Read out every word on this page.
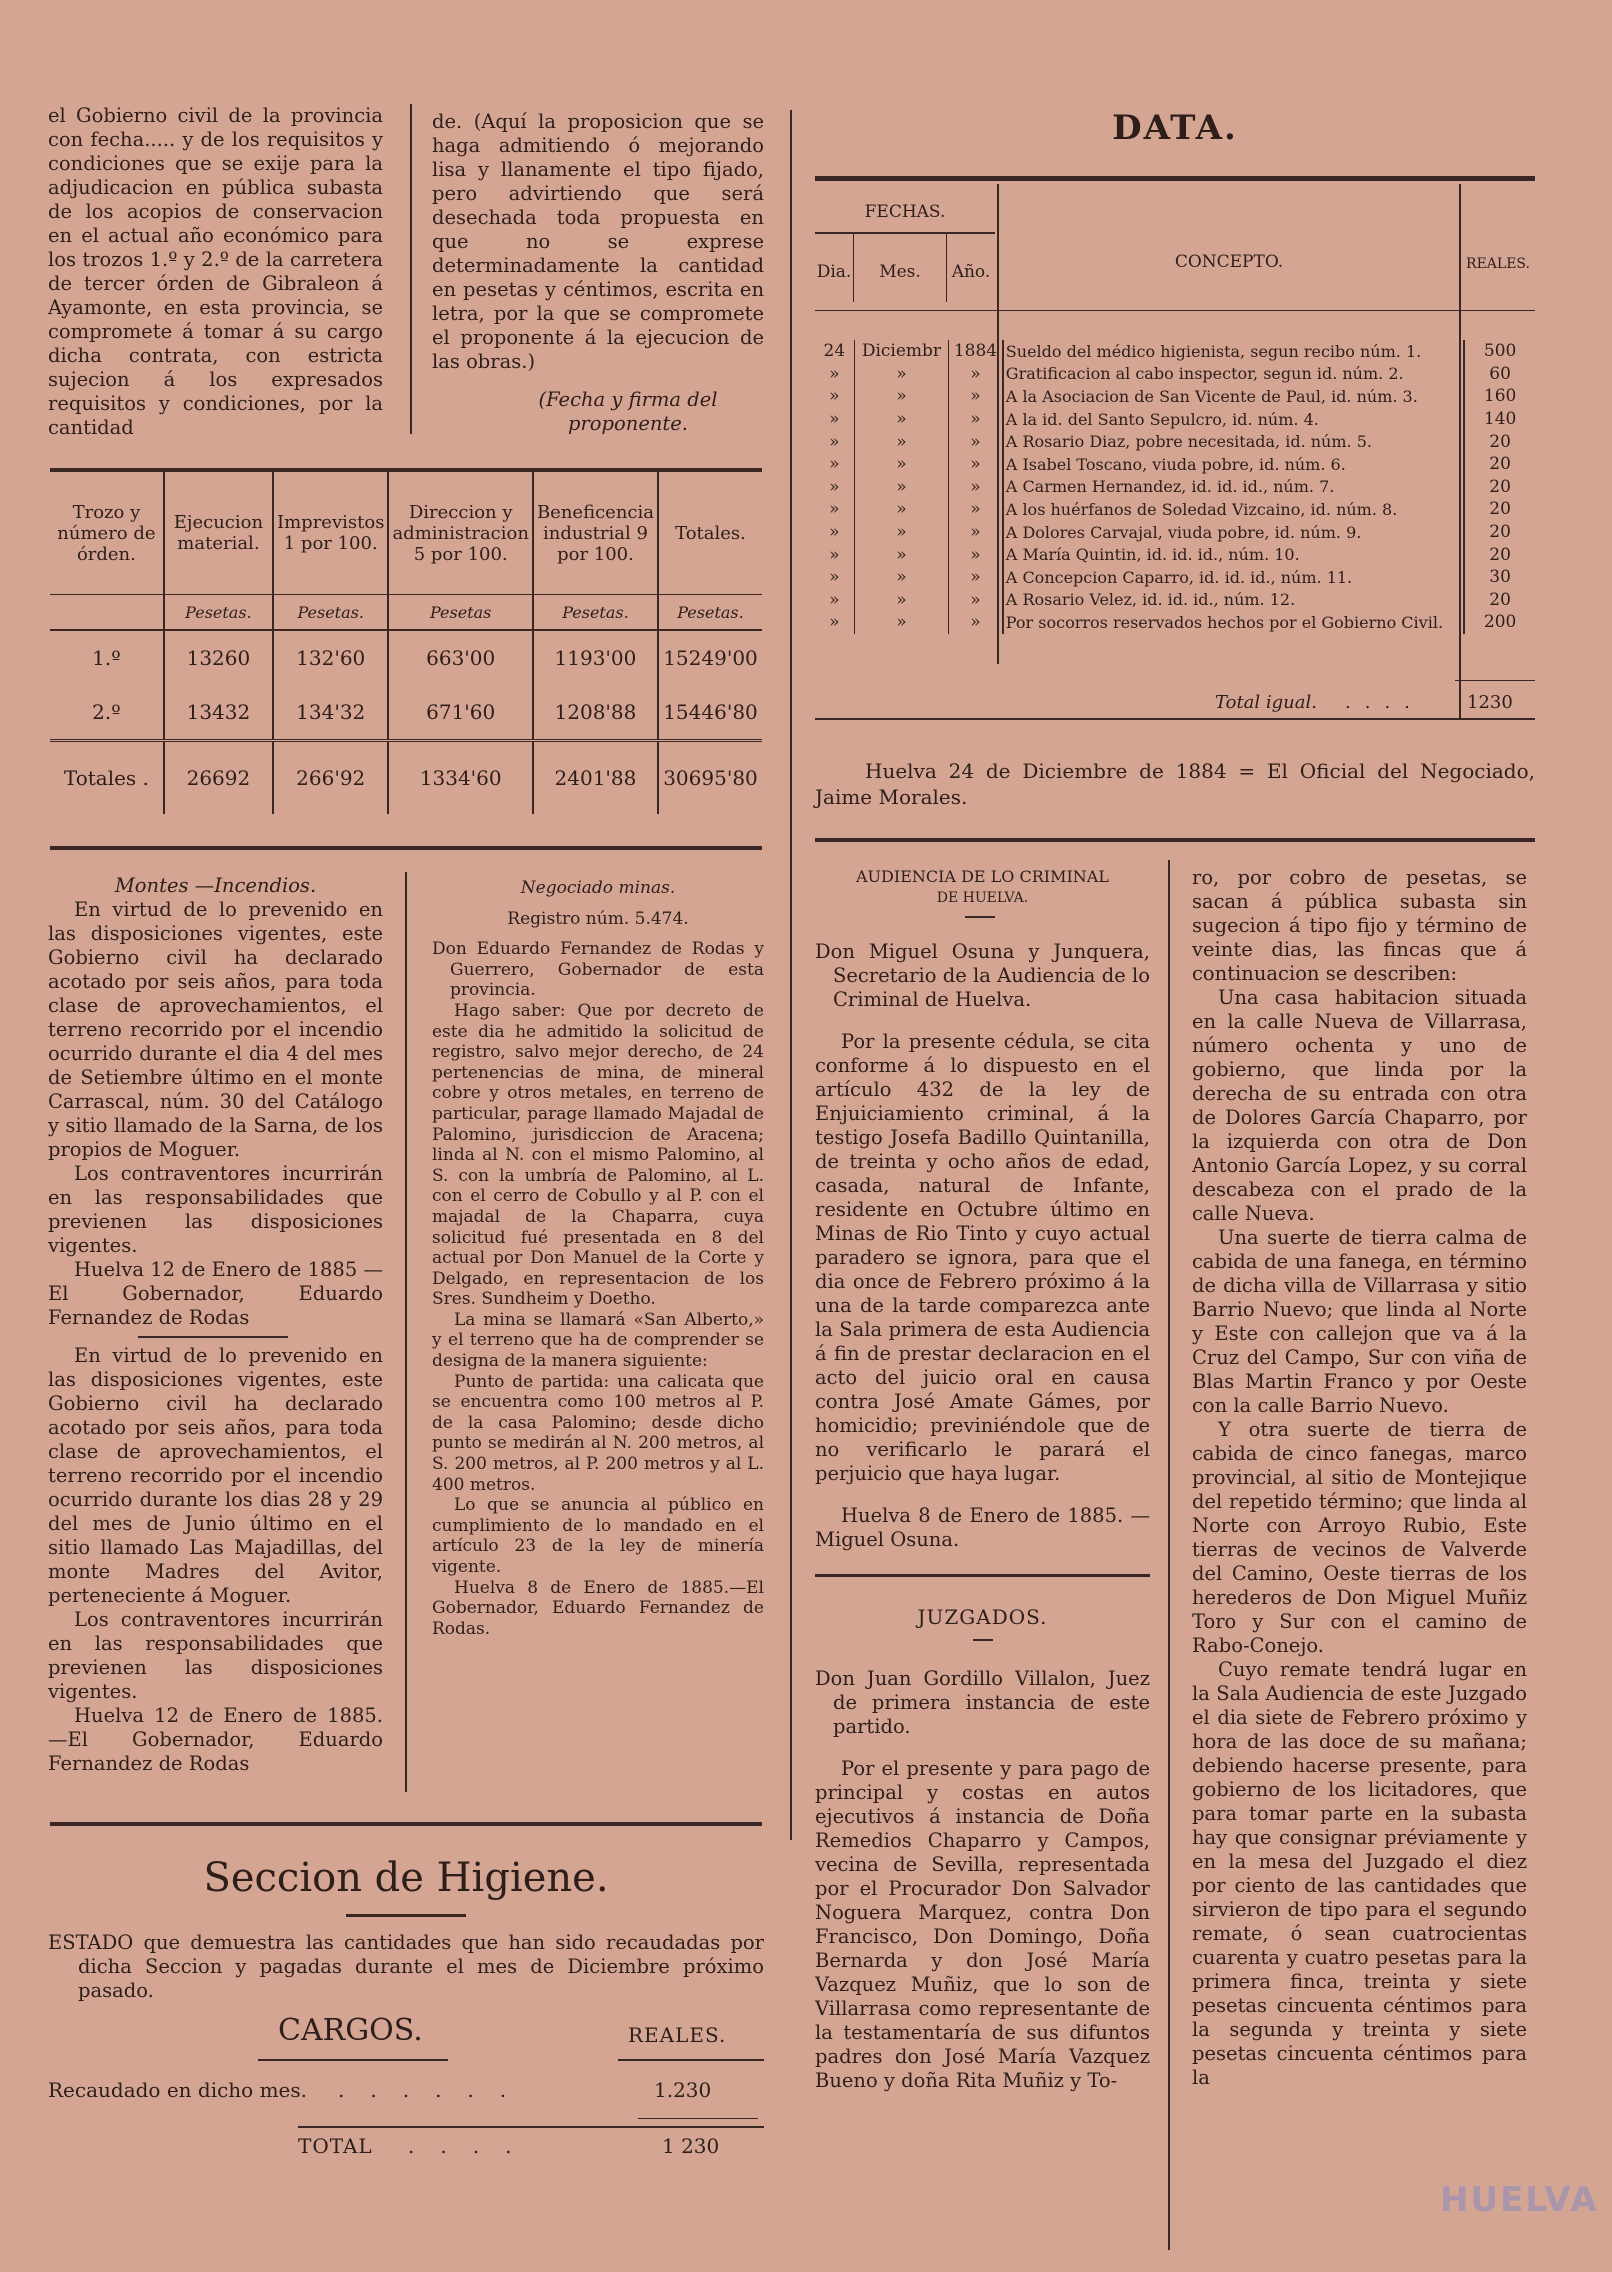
el Gobierno civil de la provincia con fecha..... y de los requisitos y condiciones que se exije para la adjudicacion en pública subasta de los acopios de conservacion en el actual año económico para los trozos 1.º y 2.º de la carretera de tercer órden de Gibraleon á Ayamonte, en esta provincia, se compromete á tomar á su cargo dicha contrata, con estricta sujecion á los expresados requisitos y condiciones, por la cantidad

de. (Aquí la proposicion que se haga admitiendo ó mejorando lisa y llanamente el tipo fijado, pero advirtiendo que será desechada toda propuesta en que no se exprese determinadamente la cantidad en pesetas y céntimos, escrita en letra, por la que se compromete el proponente á la ejecucion de las obras.)

(Fecha y firma del proponente.

Trozo y número de órden.	Ejecucion material.	Imprevistos 1 por 100.	Direccion y administracion 5 por 100.	Beneficencia industrial 9 por 100.	Totales.
	Pesetas.	Pesetas.	Pesetas	Pesetas.	Pesetas.
1.º	13260	132'60	663'00	1193'00	15249'00
2.º	13432	134'32	671'60	1208'88	15446'80
Totales .	26692	266'92	1334'60	2401'88	30695'80

Montes —Incendios.

En virtud de lo prevenido en las disposiciones vigentes, este Gobierno civil ha declarado acotado por seis años, para toda clase de aprovechamientos, el terreno recorrido por el incendio ocurrido durante el dia 4 del mes de Setiembre último en el monte Carrascal, núm. 30 del Catálogo y sitio llamado de la Sarna, de los propios de Moguer.

Los contraventores incurrirán en las responsabilidades que previenen las disposiciones vigentes.

Huelva 12 de Enero de 1885 —El Gobernador, Eduardo Fernandez de Rodas

En virtud de lo prevenido en las disposiciones vigentes, este Gobierno civil ha declarado acotado por seis años, para toda clase de aprovechamientos, el terreno recorrido por el incendio ocurrido durante los dias 28 y 29 del mes de Junio último en el sitio llamado Las Majadillas, del monte Madres del Avitor, perteneciente á Moguer.

Los contraventores incurrirán en las responsabilidades que previenen las disposiciones vigentes.

Huelva 12 de Enero de 1885. —El Gobernador, Eduardo Fernandez de Rodas

Negociado minas.

Registro núm. 5.474.

Don Eduardo Fernandez de Rodas y Guerrero, Gobernador de esta provincia.

Hago saber: Que por decreto de este dia he admitido la solicitud de registro, salvo mejor derecho, de 24 pertenencias de mina, de mineral cobre y otros metales, en terreno de particular, parage llamado Majadal de Palomino, jurisdiccion de Aracena; linda al N. con el mismo Palomino, al S. con la umbría de Palomino, al L. con el cerro de Cobullo y al P. con el majadal de la Chaparra, cuya solicitud fué presentada en 8 del actual por Don Manuel de la Corte y Delgado, en representacion de los Sres. Sundheim y Doetho.

La mina se llamará «San Alberto,» y el terreno que ha de comprender se designa de la manera siguiente:

Punto de partida: una calicata que se encuentra como 100 metros al P. de la casa Palomino; desde dicho punto se medirán al N. 200 metros, al S. 200 metros, al P. 200 metros y al L. 400 metros.

Lo que se anuncia al público en cumplimiento de lo mandado en el artículo 23 de la ley de minería vigente.

Huelva 8 de Enero de 1885.—El Gobernador, Eduardo Fernandez de Rodas.

Seccion de Higiene.
ESTADO que demuestra las cantidades que han sido recaudadas por dicha Seccion y pagadas durante el mes de Diciembre próximo pasado.
CARGOS.	REALES.
Recaudado en dicho mes. ......	1.230
TOTAL ....	1 230
DATA.
FECHAS.
Dia.	Mes.	Año.	CONCEPTO.	REALES.
24	Diciembr	1884	Sueldo del médico higienista, segun recibo núm. 1.	500
»	»	»	Gratificacion al cabo inspector, segun id. núm. 2.	60
»	»	»	A la Asociacion de San Vicente de Paul, id. núm. 3.	160
»	»	»	A la id. del Santo Sepulcro, id. núm. 4.	140
»	»	»	A Rosario Diaz, pobre necesitada, id. núm. 5.	20
»	»	»	A Isabel Toscano, viuda pobre, id. núm. 6.	20
»	»	»	A Carmen Hernandez, id. id. id., núm. 7.	20
»	»	»	A los huérfanos de Soledad Vizcaino, id. núm. 8.	20
»	»	»	A Dolores Carvajal, viuda pobre, id. núm. 9.	20
»	»	»	A María Quintin, id. id. id., núm. 10.	20
»	»	»	A Concepcion Caparro, id. id. id., núm. 11.	30
»	»	»	A Rosario Velez, id. id. id., núm. 12.	20
»	»	»	Por socorros reservados hechos por el Gobierno Civil.	200
Total igual. .... 1230

Huelva 24 de Diciembre de 1884 = El Oficial del Negociado, Jaime Morales.

AUDIENCIA DE LO CRIMINAL

DE HUELVA.

Don Miguel Osuna y Junquera, Secretario de la Audiencia de lo Criminal de Huelva.

Por la presente cédula, se cita conforme á lo dispuesto en el artículo 432 de la ley de Enjuiciamiento criminal, á la testigo Josefa Badillo Quintanilla, de treinta y ocho años de edad, casada, natural de Infante, residente en Octubre último en Minas de Rio Tinto y cuyo actual paradero se ignora, para que el dia once de Febrero próximo á la una de la tarde comparezca ante la Sala primera de esta Audiencia á fin de prestar declaracion en el acto del juicio oral en causa contra José Amate Gámes, por homicidio; previniéndole que de no verificarlo le parará el perjuicio que haya lugar.

Huelva 8 de Enero de 1885. —Miguel Osuna.

JUZGADOS.

Don Juan Gordillo Villalon, Juez de primera instancia de este partido.

Por el presente y para pago de principal y costas en autos ejecutivos á instancia de Doña Remedios Chaparro y Campos, vecina de Sevilla, representada por el Procurador Don Salvador Noguera Marquez, contra Don Francisco, Don Domingo, Doña Bernarda y don José María Vazquez Muñiz, que lo son de Villarrasa como representante de la testamentaría de sus difuntos padres don José María Vazquez Bueno y doña Rita Muñiz y To-

ro, por cobro de pesetas, se sacan á pública subasta sin sugecion á tipo fijo y término de veinte dias, las fincas que á continuacion se describen:

Una casa habitacion situada en la calle Nueva de Villarrasa, número ochenta y uno de gobierno, que linda por la derecha de su entrada con otra de Dolores García Chaparro, por la izquierda con otra de Don Antonio García Lopez, y su corral descabeza con el prado de la calle Nueva.

Una suerte de tierra calma de cabida de una fanega, en término de dicha villa de Villarrasa y sitio Barrio Nuevo; que linda al Norte y Este con callejon que va á la Cruz del Campo, Sur con viña de Blas Martin Franco y por Oeste con la calle Barrio Nuevo.

Y otra suerte de tierra de cabida de cinco fanegas, marco provincial, al sitio de Montejique del repetido término; que linda al Norte con Arroyo Rubio, Este tierras de vecinos de Valverde del Camino, Oeste tierras de los herederos de Don Miguel Muñiz Toro y Sur con el camino de Rabo-Conejo.

Cuyo remate tendrá lugar en la Sala Audiencia de este Juzgado el dia siete de Febrero próximo y hora de las doce de su mañana; debiendo hacerse presente, para gobierno de los licitadores, que para tomar parte en la subasta hay que consignar préviamente y en la mesa del Juzgado el diez por ciento de las cantidades que sirvieron de tipo para el segundo remate, ó sean cuatrocientas cuarenta y cuatro pesetas para la primera finca, treinta y siete pesetas cincuenta céntimos para la segunda y treinta y siete pesetas cincuenta céntimos para la

HUELVA
